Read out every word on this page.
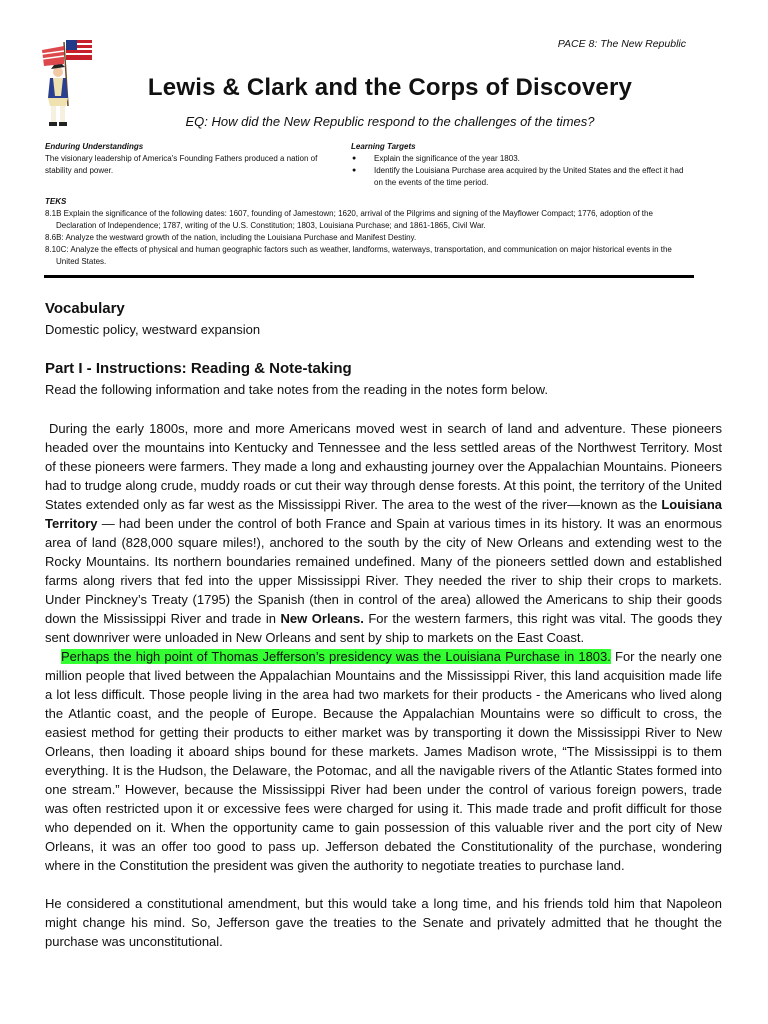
PACE 8: The New Republic
Lewis & Clark and the Corps of Discovery
EQ: How did the New Republic respond to the challenges of the times?
Enduring Understandings
The visionary leadership of America's Founding Fathers produced a nation of stability and power.
Learning Targets
● Explain the significance of the year 1803.
● Identify the Louisiana Purchase area acquired by the United States and the effect it had on the events of the time period.
TEKS
8.1B Explain the significance of the following dates: 1607, founding of Jamestown; 1620, arrival of the Pilgrims and signing of the Mayflower Compact; 1776, adoption of the Declaration of Independence; 1787, writing of the U.S. Constitution; 1803, Louisiana Purchase; and 1861-1865, Civil War.
8.6B: Analyze the westward growth of the nation, including the Louisiana Purchase and Manifest Destiny.
8.10C: Analyze the effects of physical and human geographic factors such as weather, landforms, waterways, transportation, and communication on major historical events in the United States.
Vocabulary
Domestic policy, westward expansion
Part I - Instructions: Reading & Note-taking
Read the following information and take notes from the reading in the notes form below.

During the early 1800s, more and more Americans moved west in search of land and adventure. These pioneers headed over the mountains into Kentucky and Tennessee and the less settled areas of the Northwest Territory. Most of these pioneers were farmers. They made a long and exhausting journey over the Appalachian Mountains. Pioneers had to trudge along crude, muddy roads or cut their way through dense forests. At this point, the territory of the United States extended only as far west as the Mississippi River. The area to the west of the river—known as the Louisiana Territory — had been under the control of both France and Spain at various times in its history. It was an enormous area of land (828,000 square miles!), anchored to the south by the city of New Orleans and extending west to the Rocky Mountains. Its northern boundaries remained undefined. Many of the pioneers settled down and established farms along rivers that fed into the upper Mississippi River. They needed the river to ship their crops to markets. Under Pinckney’s Treaty (1795) the Spanish (then in control of the area) allowed the Americans to ship their goods down the Mississippi River and trade in New Orleans. For the western farmers, this right was vital. The goods they sent downriver were unloaded in New Orleans and sent by ship to markets on the East Coast.

Perhaps the high point of Thomas Jefferson’s presidency was the Louisiana Purchase in 1803. For the nearly one million people that lived between the Appalachian Mountains and the Mississippi River, this land acquisition made life a lot less difficult. Those people living in the area had two markets for their products - the Americans who lived along the Atlantic coast, and the people of Europe. Because the Appalachian Mountains were so difficult to cross, the easiest method for getting their products to either market was by transporting it down the Mississippi River to New Orleans, then loading it aboard ships bound for these markets. James Madison wrote, “The Mississippi is to them everything. It is the Hudson, the Delaware, the Potomac, and all the navigable rivers of the Atlantic States formed into one stream.” However, because the Mississippi River had been under the control of various foreign powers, trade was often restricted upon it or excessive fees were charged for using it. This made trade and profit difficult for those who depended on it. When the opportunity came to gain possession of this valuable river and the port city of New Orleans, it was an offer too good to pass up. Jefferson debated the Constitutionality of the purchase, wondering where in the Constitution the president was given the authority to negotiate treaties to purchase land.

He considered a constitutional amendment, but this would take a long time, and his friends told him that Napoleon might change his mind. So, Jefferson gave the treaties to the Senate and privately admitted that he thought the purchase was unconstitutional.
